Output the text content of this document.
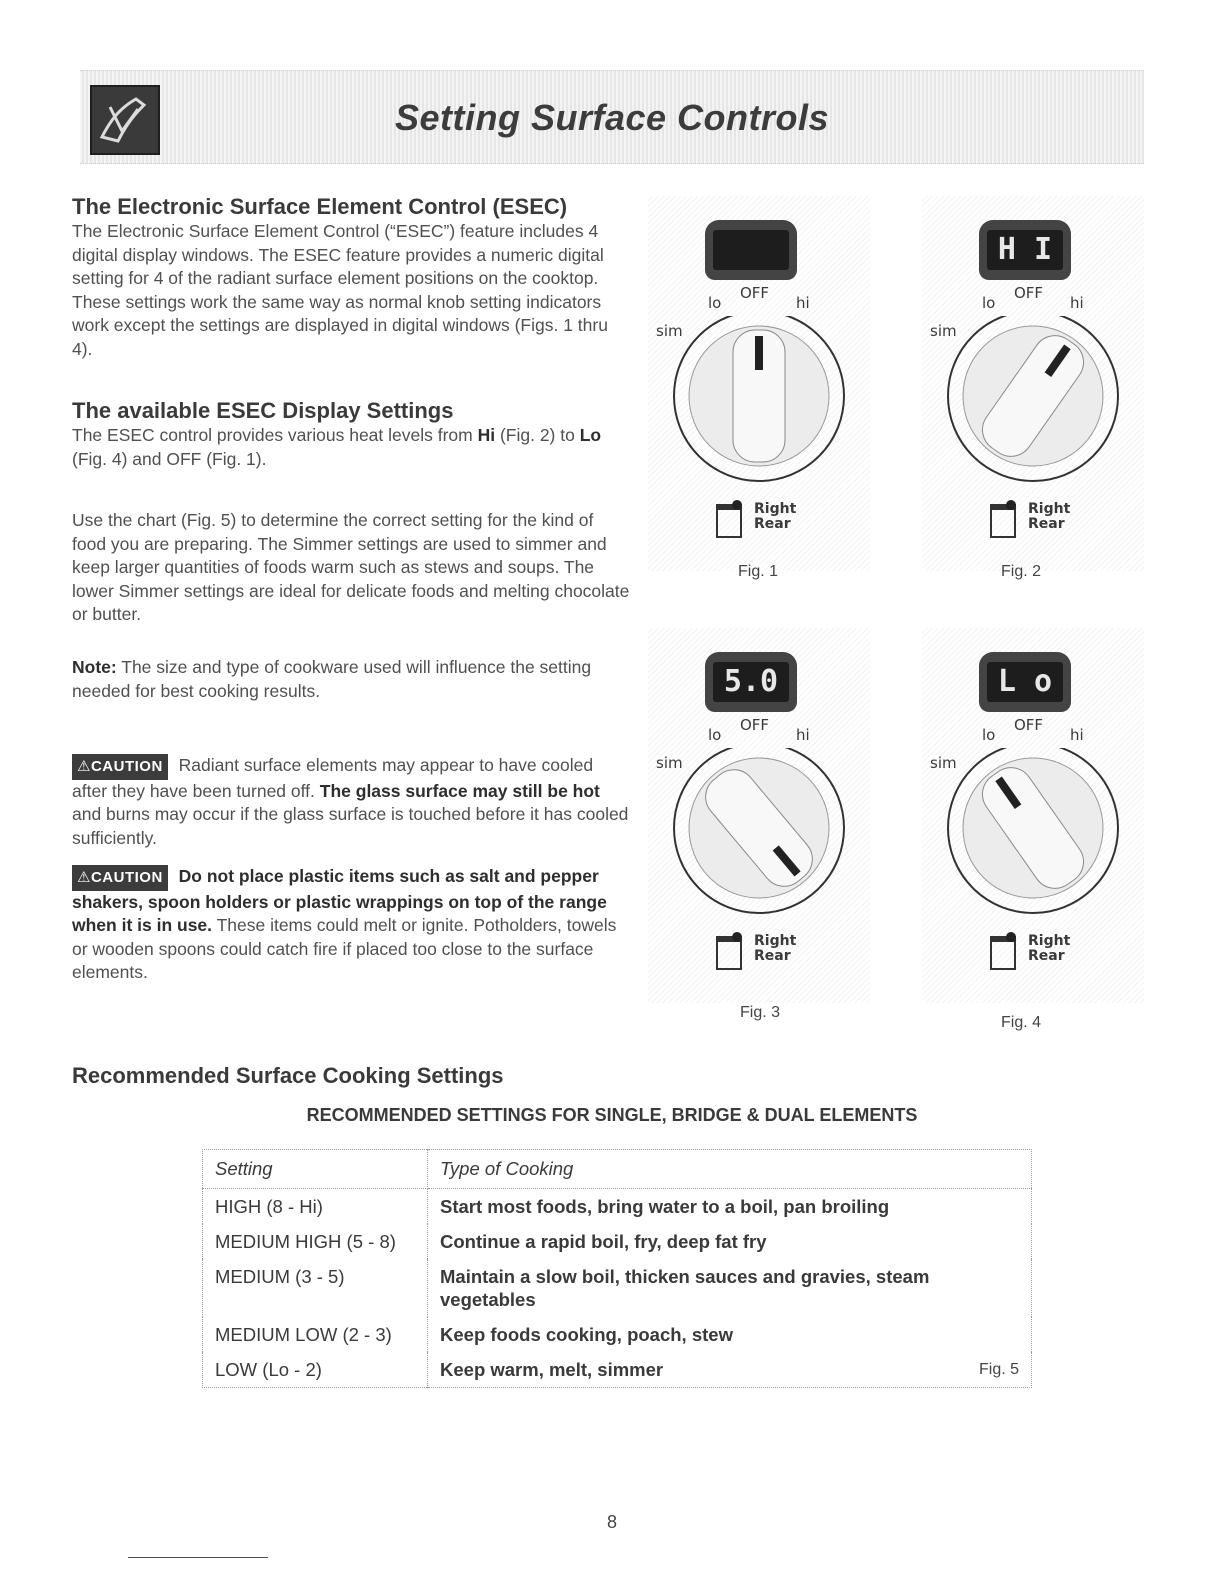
Setting Surface Controls
The Electronic Surface Element Control (ESEC)

The Electronic Surface Element Control (“ESEC”) feature includes 4 digital display windows. The ESEC feature provides a numeric digital setting for 4 of the radiant surface element positions on the cooktop. These settings work the same way as normal knob setting indicators work except the settings are displayed in digital windows (Figs. 1 thru 4).

The available ESEC Display Settings

The ESEC control provides various heat levels from Hi (Fig. 2) to Lo (Fig. 4) and OFF (Fig. 1).

Use the chart (Fig. 5) to determine the correct setting for the kind of food you are preparing. The Simmer settings are used to simmer and keep larger quantities of foods warm such as stews and soups. The lower Simmer settings are ideal for delicate foods and melting chocolate or butter.

Note: The size and type of cookware used will influence the setting needed for best cooking results.

⚠CAUTION Radiant surface elements may appear to have cooled after they have been turned off. The glass surface may still be hot and burns may occur if the glass surface is touched before it has cooled sufficiently.

⚠CAUTION Do not place plastic items such as salt and pepper shakers, spoon holders or plastic wrappings on top of the range when it is in use. These items could melt or ignite. Potholders, towels or wooden spoons could catch fire if placed too close to the surface elements.

OFF
lo	hi
sim
Right
Rear
H I
OFF
lo	hi
sim
Right
Rear
5.0
OFF
lo	hi
sim
Right
Rear
L o
OFF
lo	hi
sim
Right
Rear
Fig. 1	Fig. 2
Fig. 3
Fig. 4
Recommended Surface Cooking Settings
RECOMMENDED SETTINGS FOR SINGLE, BRIDGE & DUAL ELEMENTS
Setting	Type of Cooking
HIGH (8 - Hi)	Start most foods, bring water to a boil, pan broiling
MEDIUM HIGH (5 - 8)	Continue a rapid boil, fry, deep fat fry
MEDIUM (3 - 5)	Maintain a slow boil, thicken sauces and gravies, steam vegetables
MEDIUM LOW (2 - 3)	Keep foods cooking, poach, stew
LOW (Lo - 2)	Keep warm, melt, simmer Fig. 5
8
